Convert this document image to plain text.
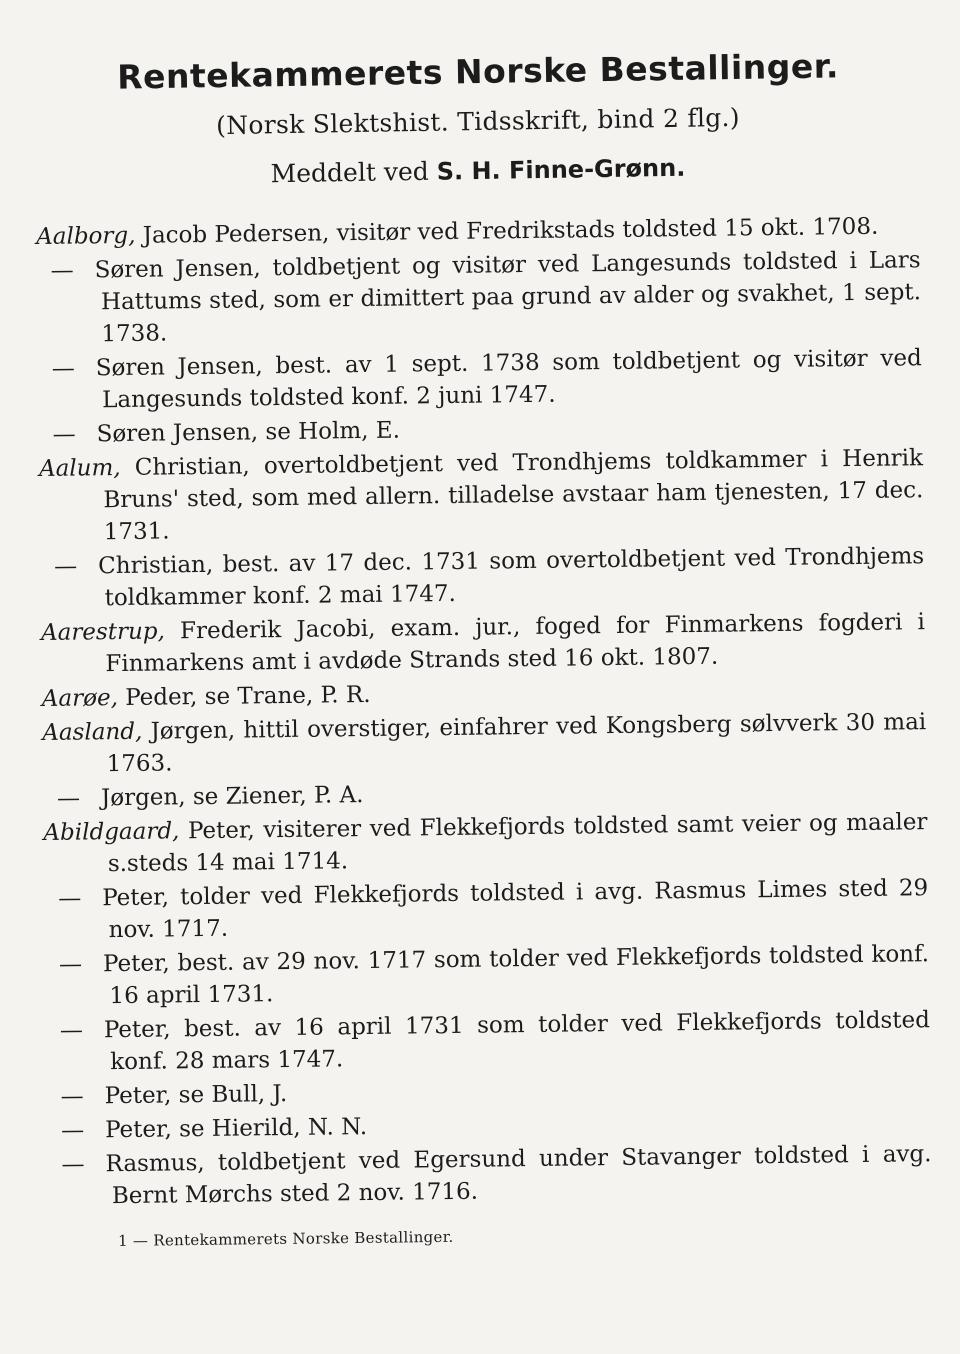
Rentekammerets Norske Bestallinger.
(Norsk Slektshist. Tidsskrift, bind 2 flg.)
Meddelt ved S. H. Finne-Grønn.

Aalborg, Jacob Pedersen, visitør ved Fredrikstads toldsted 15 okt. 1708.

— Søren Jensen, toldbetjent og visitør ved Langesunds toldsted i Lars Hattums sted, som er dimittert paa grund av alder og svakhet, 1 sept. 1738.

— Søren Jensen, best. av 1 sept. 1738 som toldbetjent og visitør ved Langesunds toldsted konf. 2 juni 1747.

— Søren Jensen, se Holm, E.

Aalum, Christian, overtoldbetjent ved Trondhjems toldkammer i Henrik Bruns' sted, som med allern. tilladelse avstaar ham tjenesten, 17 dec. 1731.

— Christian, best. av 17 dec. 1731 som overtoldbetjent ved Trondhjems toldkammer konf. 2 mai 1747.

Aarestrup, Frederik Jacobi, exam. jur., foged for Finmarkens fogderi i Finmarkens amt i avdøde Strands sted 16 okt. 1807.

Aarøe, Peder, se Trane, P. R.

Aasland, Jørgen, hittil overstiger, einfahrer ved Kongsberg sølvverk 30 mai 1763.

— Jørgen, se Ziener, P. A.

Abildgaard, Peter, visiterer ved Flekkefjords toldsted samt veier og maaler s.steds 14 mai 1714.

— Peter, tolder ved Flekkefjords toldsted i avg. Rasmus Limes sted 29 nov. 1717.

— Peter, best. av 29 nov. 1717 som tolder ved Flekkefjords toldsted konf. 16 april 1731.

— Peter, best. av 16 april 1731 som tolder ved Flekkefjords toldsted konf. 28 mars 1747.

— Peter, se Bull, J.

— Peter, se Hierild, N. N.

— Rasmus, toldbetjent ved Egersund under Stavanger toldsted i avg. Bernt Mørchs sted 2 nov. 1716.

1 — Rentekammerets Norske Bestallinger.
